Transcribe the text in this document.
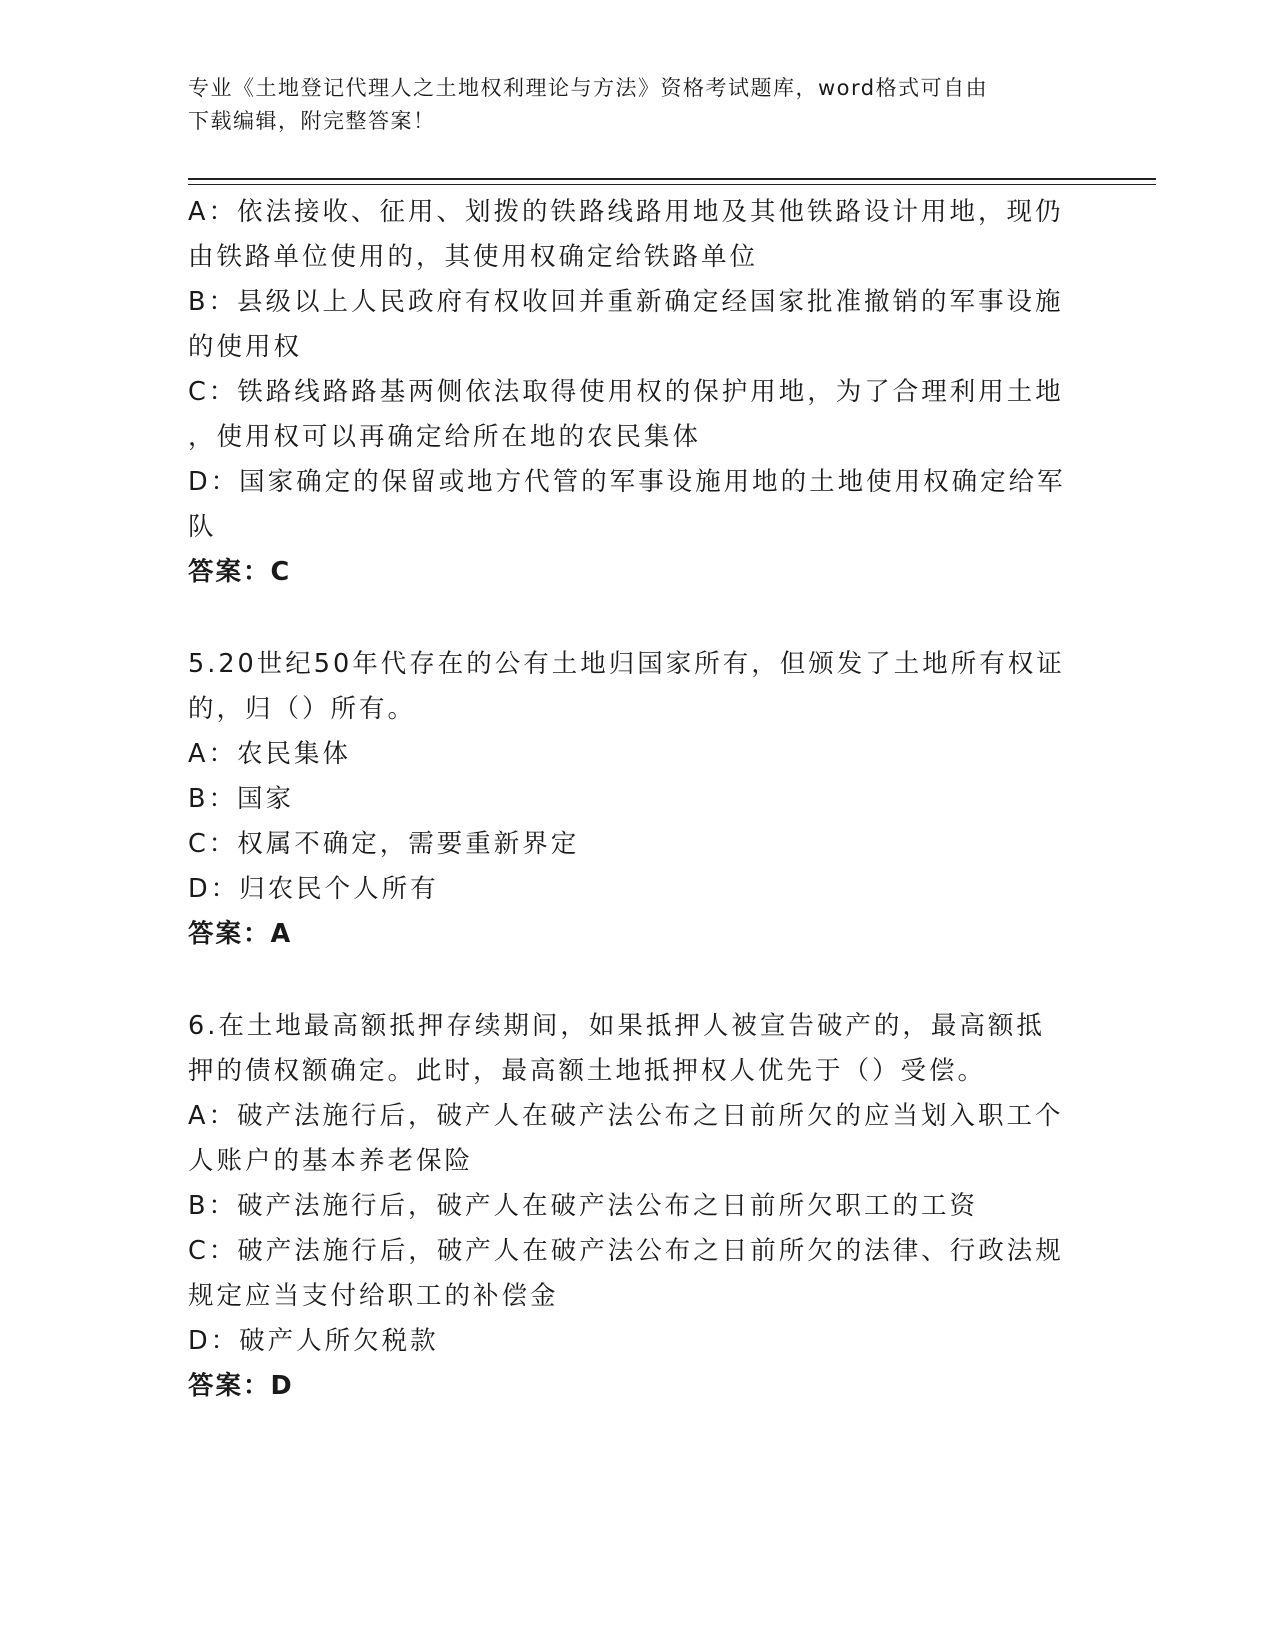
专业《土地登记代理人之土地权利理论与方法》资格考试题库，word格式可自由
下载编辑，附完整答案！
A：依法接收、征用、划拨的铁路线路用地及其他铁路设计用地，现仍
由铁路单位使用的，其使用权确定给铁路单位
B：县级以上人民政府有权收回并重新确定经国家批准撤销的军事设施
的使用权
C：铁路线路路基两侧依法取得使用权的保护用地，为了合理利用土地
，使用权可以再确定给所在地的农民集体
D：国家确定的保留或地方代管的军事设施用地的土地使用权确定给军
队
答案：C
5.20世纪50年代存在的公有土地归国家所有，但颁发了土地所有权证
的，归（）所有。
A：农民集体
B：国家
C：权属不确定，需要重新界定
D：归农民个人所有
答案：A
6.在土地最高额抵押存续期间，如果抵押人被宣告破产的，最高额抵
押的债权额确定。此时，最高额土地抵押权人优先于（）受偿。
A：破产法施行后，破产人在破产法公布之日前所欠的应当划入职工个
人账户的基本养老保险
B：破产法施行后，破产人在破产法公布之日前所欠职工的工资
C：破产法施行后，破产人在破产法公布之日前所欠的法律、行政法规
规定应当支付给职工的补偿金
D：破产人所欠税款
答案：D
